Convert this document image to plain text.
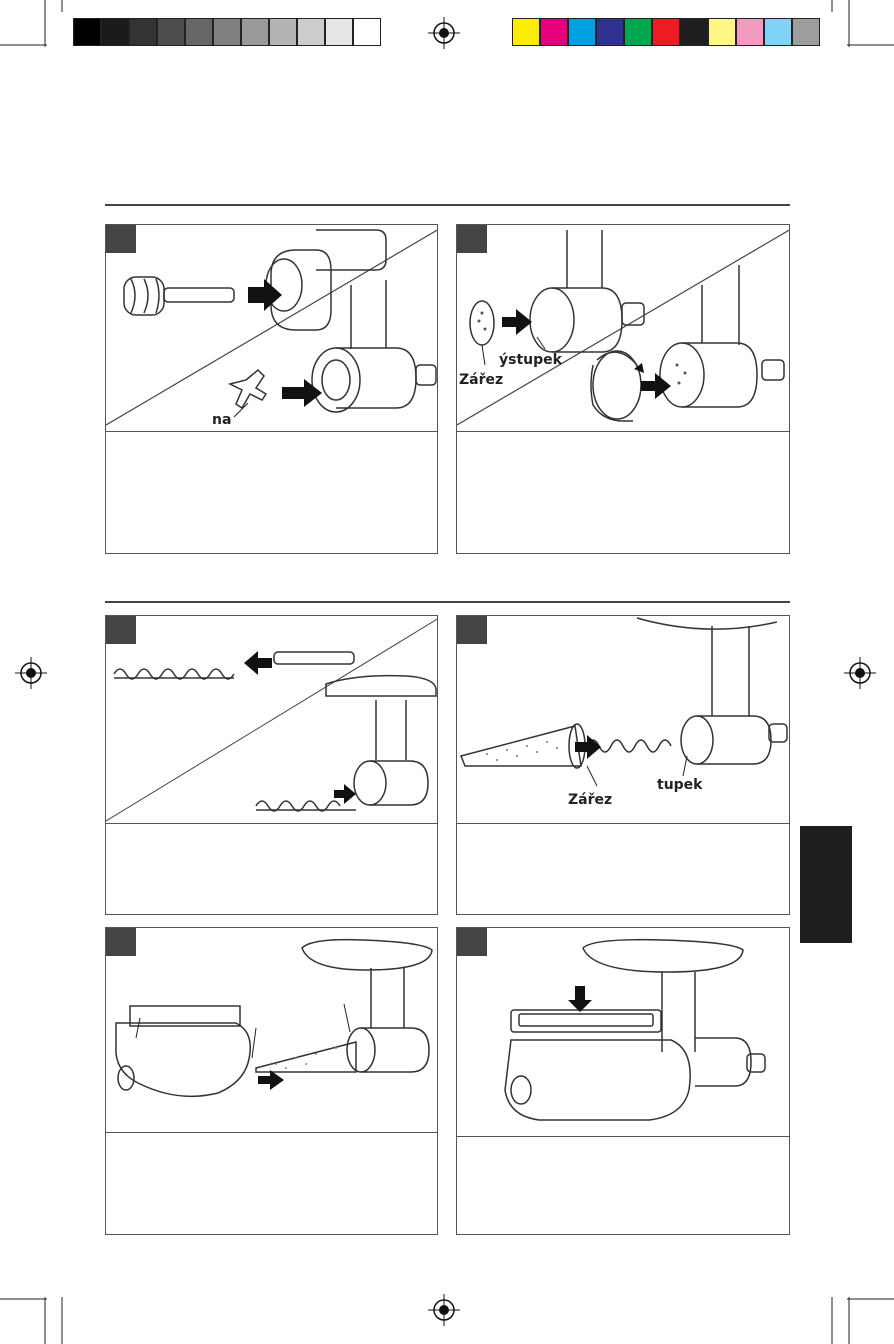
na
ýstupek
Zářez
tupek
Zářez
